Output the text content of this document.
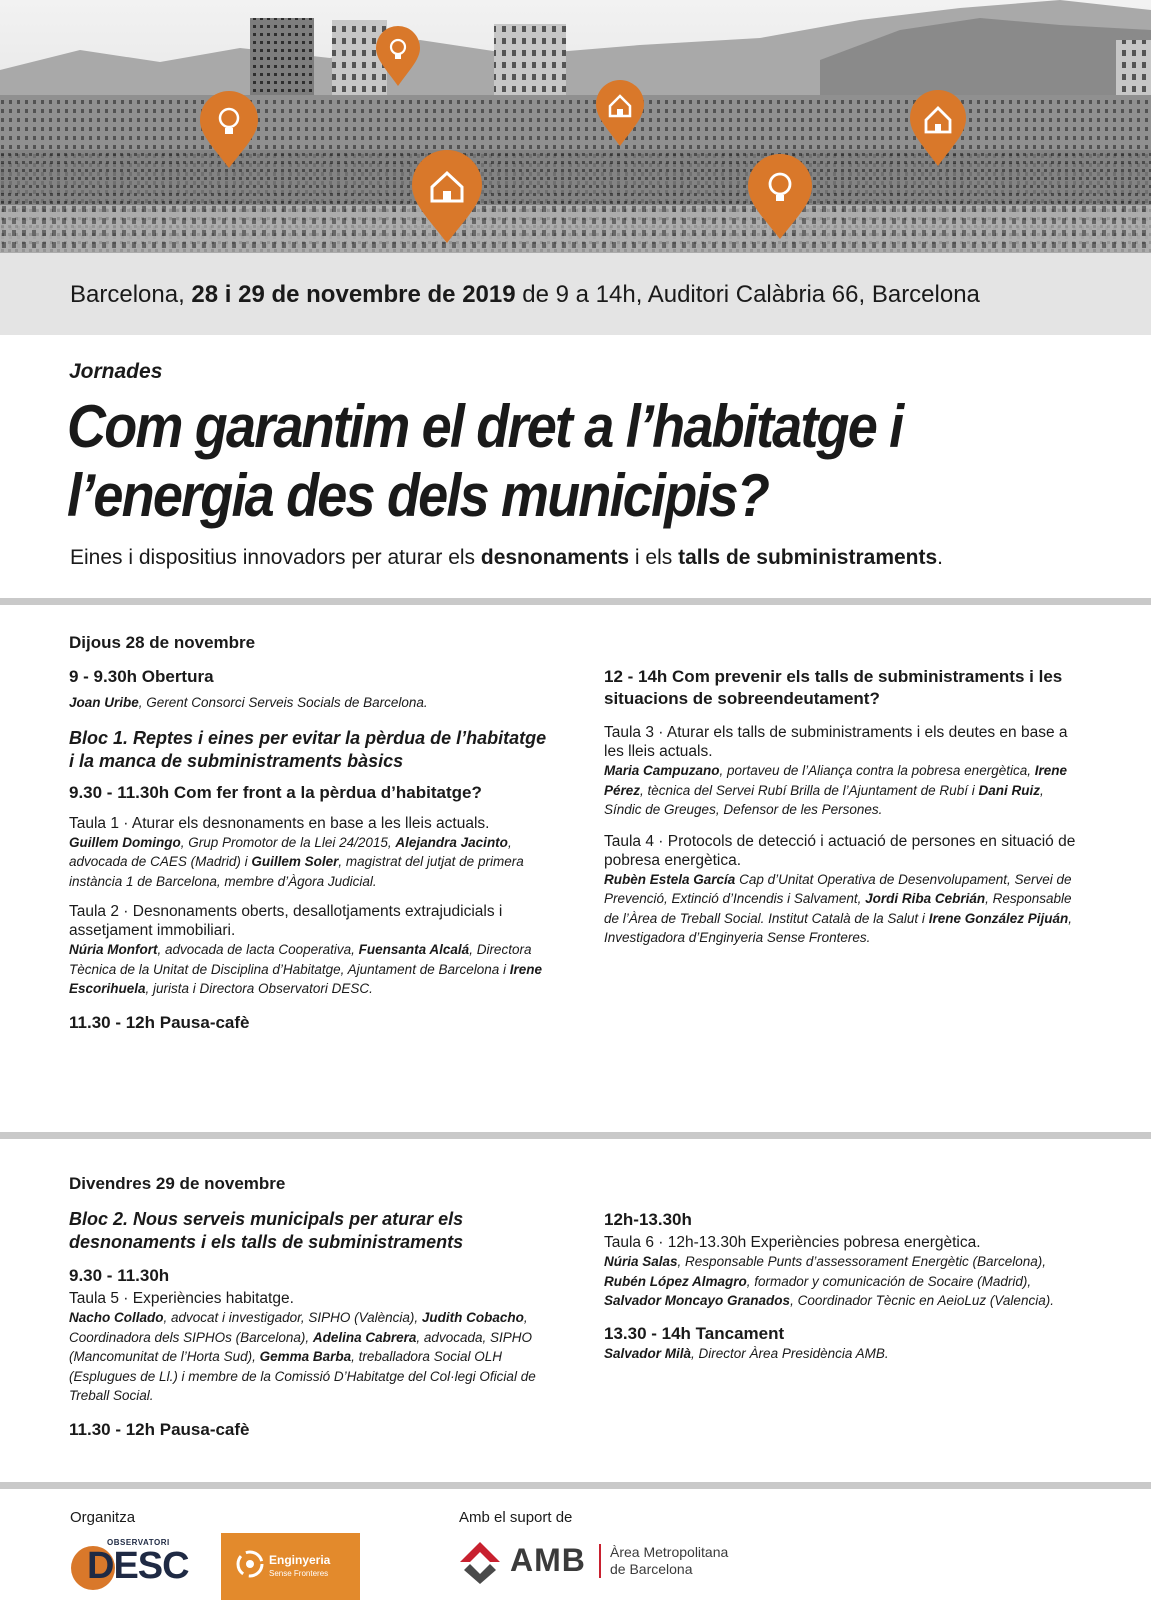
Barcelona, 28 i 29 de novembre de 2019 de 9 a 14h, Auditori Calàbria 66, Barcelona
Jornades
Com garantim el dret a l’habitatge i
l’energia des dels municipis?
Eines i dispositius innovadors per aturar els desnonaments i els talls de subministraments.

Dijous 28 de novembre

9 - 9.30h Obertura

Joan Uribe, Gerent Consorci Serveis Socials de Barcelona.

Bloc 1. Reptes i eines per evitar la pèrdua de l’habitatge i la manca de subministraments bàsics

9.30 - 11.30h Com fer front a la pèrdua d’habitatge?

Taula 1 · Aturar els desnonaments en base a les lleis actuals.

Guillem Domingo, Grup Promotor de la Llei 24/2015, Alejandra Jacinto, advocada de CAES (Madrid) i Guillem Soler, magistrat del jutjat de primera instància 1 de Barcelona, membre d’Àgora Judicial.

Taula 2 · Desnonaments oberts, desallotjaments extrajudicials i assetjament immobiliari.

Núria Monfort, advocada de lacta Cooperativa, Fuensanta Alcalá, Directora Tècnica de la Unitat de Disciplina d’Habitatge, Ajuntament de Barcelona i Irene Escorihuela, jurista i Directora Observatori DESC.

11.30 - 12h Pausa-cafè

12 - 14h Com prevenir els talls de subministraments i les situacions de sobreendeutament?

Taula 3 · Aturar els talls de subministraments i els deutes en base a les lleis actuals.

Maria Campuzano, portaveu de l’Aliança contra la pobresa energètica, Irene Pérez, tècnica del Servei Rubí Brilla de l’Ajuntament de Rubí i Dani Ruiz, Síndic de Greuges, Defensor de les Persones.

Taula 4 · Protocols de detecció i actuació de persones en situació de pobresa energètica.

Rubèn Estela García Cap d’Unitat Operativa de Desenvolupament, Servei de Prevenció, Extinció d’Incendis i Salvament, Jordi Riba Cebrián, Responsable de l’Àrea de Treball Social. Institut Català de la Salut i Irene González Pijuán, Investigadora d’Enginyeria Sense Fronteres.

Divendres 29 de novembre

Bloc 2. Nous serveis municipals per aturar els desnonaments i els talls de subministraments

9.30 - 11.30h

Taula 5 · Experiències habitatge.

Nacho Collado, advocat i investigador, SIPHO (València), Judith Cobacho, Coordinadora dels SIPHOs (Barcelona), Adelina Cabrera, advocada, SIPHO (Mancomunitat de l’Horta Sud), Gemma Barba, treballadora Social OLH (Esplugues de Ll.) i membre de la Comissió D’Habitatge del Col·legi Oficial de Treball Social.

11.30 - 12h Pausa-cafè

12h-13.30h

Taula 6 · 12h-13.30h Experiències pobresa energètica.

Núria Salas, Responsable Punts d’assessorament Energètic (Barcelona), Rubén López Almagro, formador y comunicación de Socaire (Madrid), Salvador Moncayo Granados, Coordinador Tècnic en AeioLuz (Valencia).

13.30 - 14h Tancament

Salvador Milà, Director Àrea Presidència AMB.

Organitza	Amb el suport de
OBSERVATORI
DESC	Enginyeria
Sense Fronteres	AMB Àrea Metropolitana
de Barcelona
